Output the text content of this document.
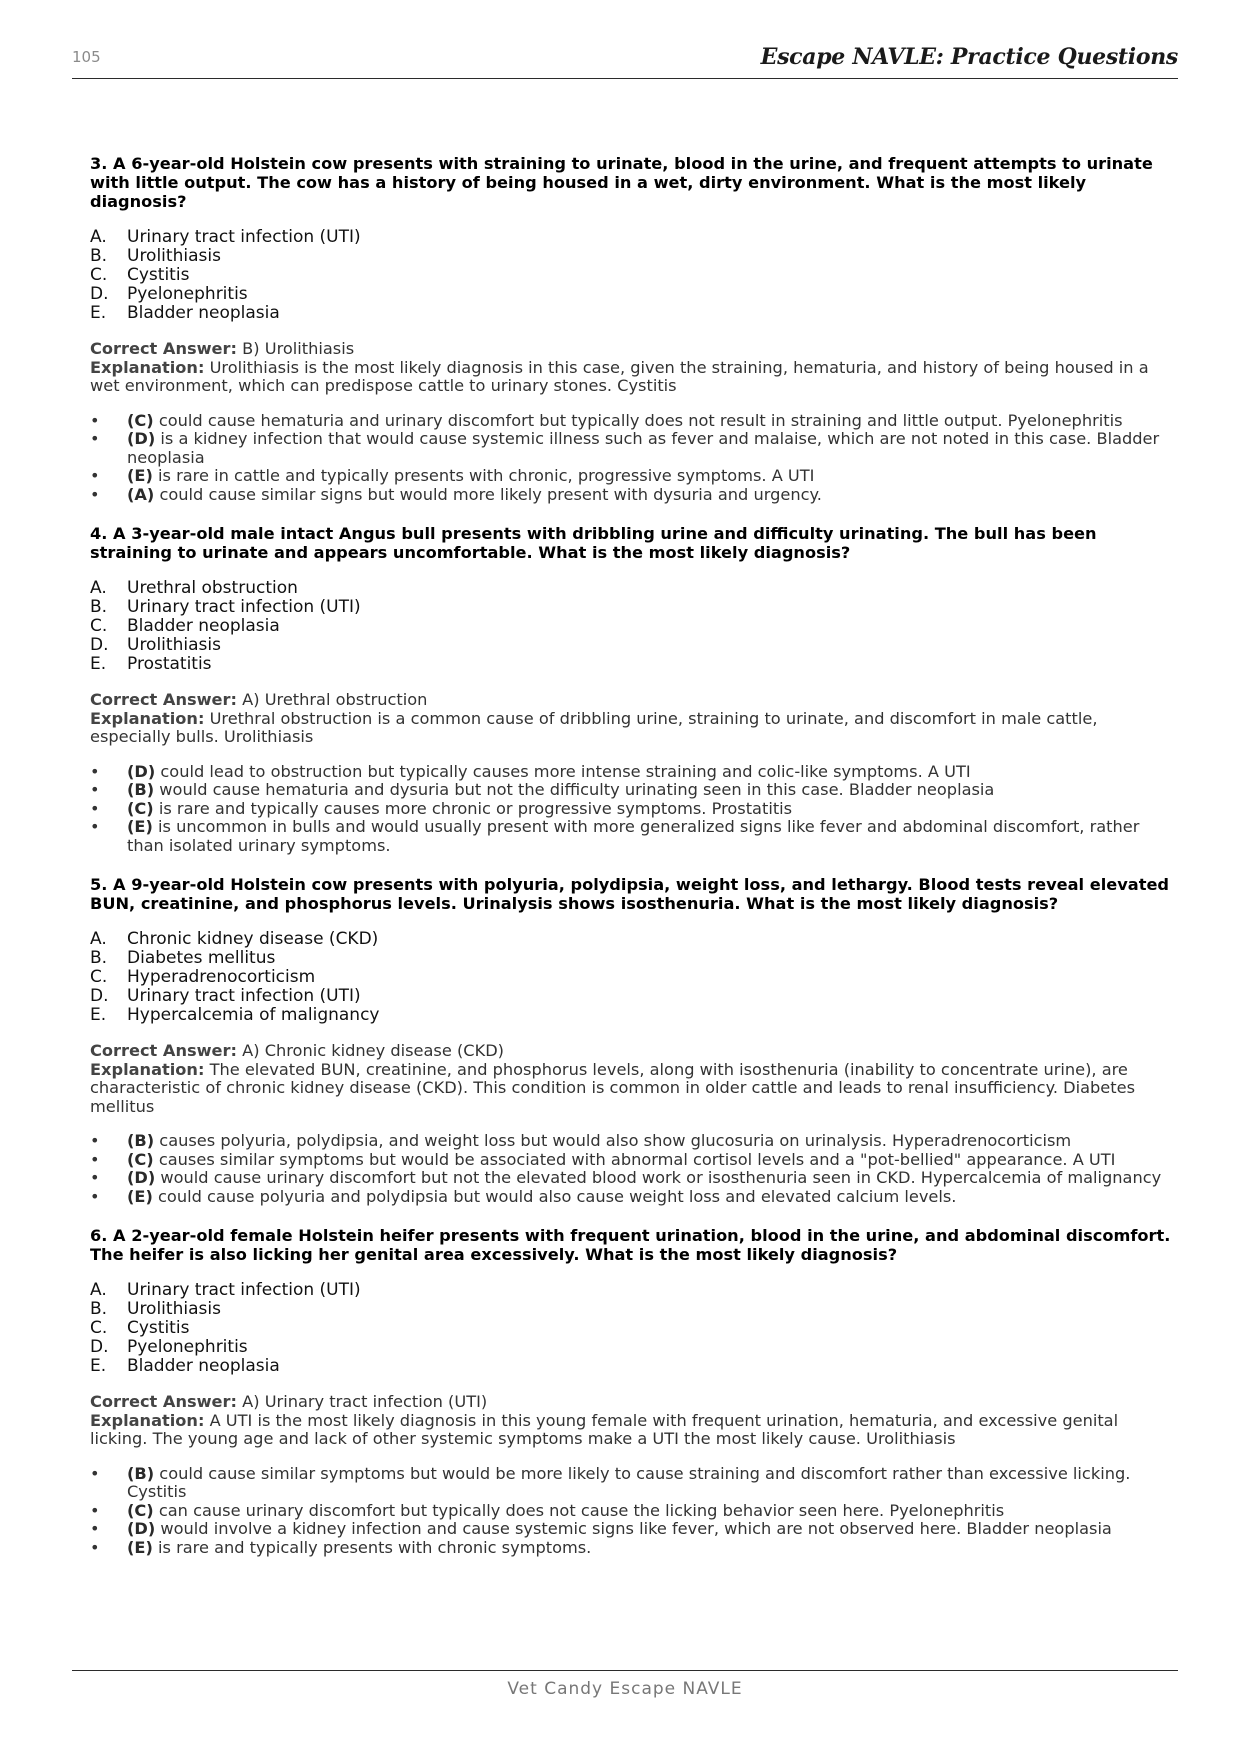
105	Escape NAVLE: Practice Questions

3. A 6-year-old Holstein cow presents with straining to urinate, blood in the urine, and frequent attempts to urinate with little output. The cow has a history of being housed in a wet, dirty environment. What is the most likely diagnosis?

A.	Urinary tract infection (UTI)
B.	Urolithiasis
C.	Cystitis
D.	Pyelonephritis
E.	Bladder neoplasia

Correct Answer: B) Urolithiasis

Explanation: Urolithiasis is the most likely diagnosis in this case, given the straining, hematuria, and history of being housed in a wet environment, which can predispose cattle to urinary stones. Cystitis

•	(C) could cause hematuria and urinary discomfort but typically does not result in straining and little output. Pyelonephritis
•	(D) is a kidney infection that would cause systemic illness such as fever and malaise, which are not noted in this case. Bladder neoplasia
•	(E) is rare in cattle and typically presents with chronic, progressive symptoms. A UTI
•	(A) could cause similar signs but would more likely present with dysuria and urgency.

4. A 3-year-old male intact Angus bull presents with dribbling urine and difficulty urinating. The bull has been straining to urinate and appears uncomfortable. What is the most likely diagnosis?

A.	Urethral obstruction
B.	Urinary tract infection (UTI)
C.	Bladder neoplasia
D.	Urolithiasis
E.	Prostatitis

Correct Answer: A) Urethral obstruction

Explanation: Urethral obstruction is a common cause of dribbling urine, straining to urinate, and discomfort in male cattle, especially bulls. Urolithiasis

•	(D) could lead to obstruction but typically causes more intense straining and colic-like symptoms. A UTI
•	(B) would cause hematuria and dysuria but not the difficulty urinating seen in this case. Bladder neoplasia
•	(C) is rare and typically causes more chronic or progressive symptoms. Prostatitis
•	(E) is uncommon in bulls and would usually present with more generalized signs like fever and abdominal discomfort, rather than isolated urinary symptoms.

5. A 9-year-old Holstein cow presents with polyuria, polydipsia, weight loss, and lethargy. Blood tests reveal elevated BUN, creatinine, and phosphorus levels. Urinalysis shows isosthenuria. What is the most likely diagnosis?

A.	Chronic kidney disease (CKD)
B.	Diabetes mellitus
C.	Hyperadrenocorticism
D.	Urinary tract infection (UTI)
E.	Hypercalcemia of malignancy

Correct Answer: A) Chronic kidney disease (CKD)

Explanation: The elevated BUN, creatinine, and phosphorus levels, along with isosthenuria (inability to concentrate urine), are characteristic of chronic kidney disease (CKD). This condition is common in older cattle and leads to renal insufficiency. Diabetes mellitus

•	(B) causes polyuria, polydipsia, and weight loss but would also show glucosuria on urinalysis. Hyperadrenocorticism
•	(C) causes similar symptoms but would be associated with abnormal cortisol levels and a "pot-bellied" appearance. A UTI
•	(D) would cause urinary discomfort but not the elevated blood work or isosthenuria seen in CKD. Hypercalcemia of malignancy
•	(E) could cause polyuria and polydipsia but would also cause weight loss and elevated calcium levels.

6. A 2-year-old female Holstein heifer presents with frequent urination, blood in the urine, and abdominal discomfort. The heifer is also licking her genital area excessively. What is the most likely diagnosis?

A.	Urinary tract infection (UTI)
B.	Urolithiasis
C.	Cystitis
D.	Pyelonephritis
E.	Bladder neoplasia

Correct Answer: A) Urinary tract infection (UTI)

Explanation: A UTI is the most likely diagnosis in this young female with frequent urination, hematuria, and excessive genital licking. The young age and lack of other systemic symptoms make a UTI the most likely cause. Urolithiasis

•	(B) could cause similar symptoms but would be more likely to cause straining and discomfort rather than excessive licking. Cystitis
•	(C) can cause urinary discomfort but typically does not cause the licking behavior seen here. Pyelonephritis
•	(D) would involve a kidney infection and cause systemic signs like fever, which are not observed here. Bladder neoplasia
•	(E) is rare and typically presents with chronic symptoms.
Vet Candy Escape NAVLE
